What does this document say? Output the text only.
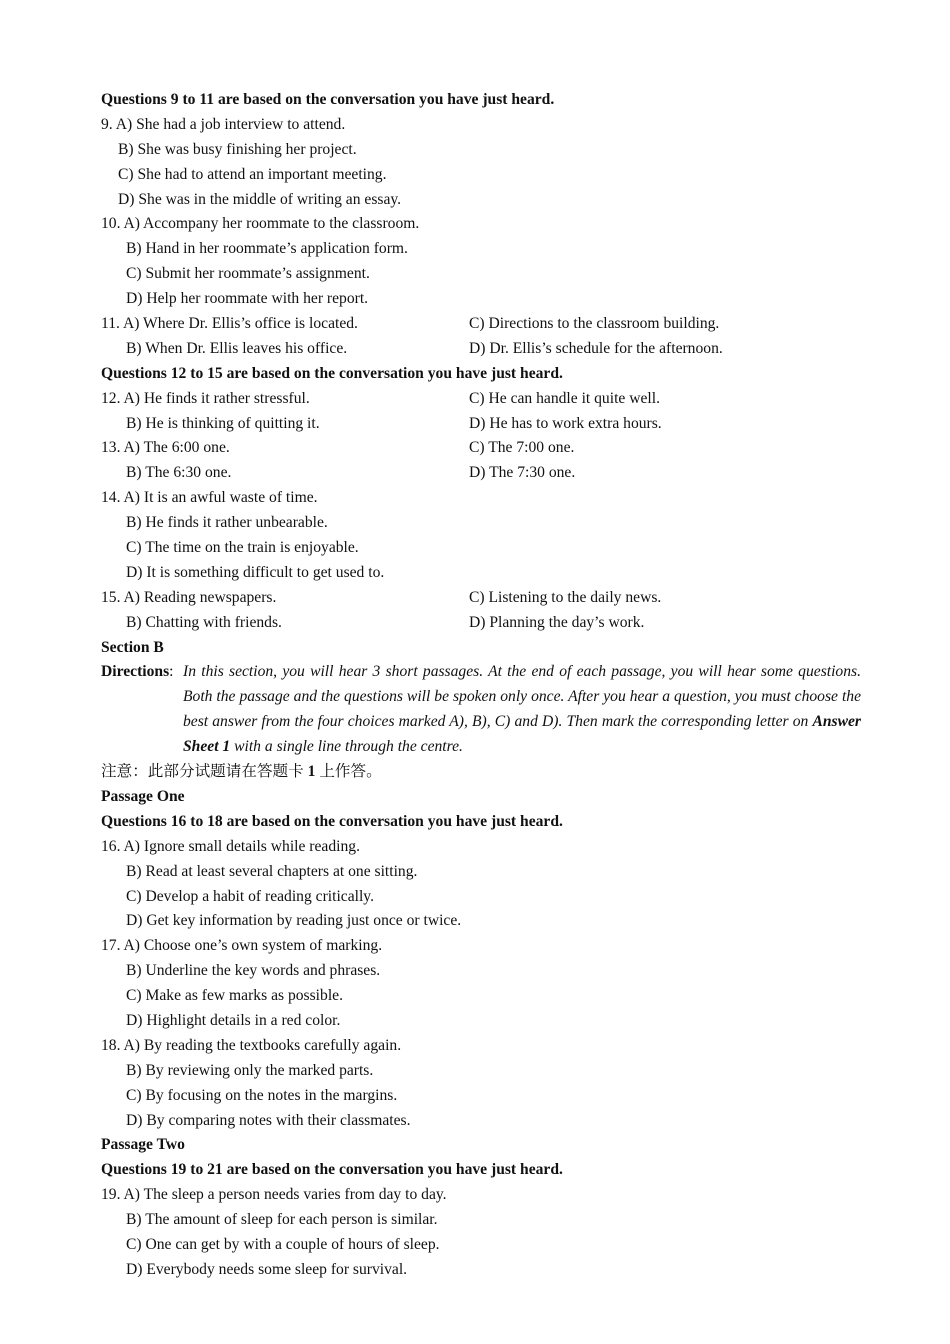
Questions 9 to 11 are based on the conversation you have just heard.
9. A) She had a job interview to attend.
B) She was busy finishing her project.
C) She had to attend an important meeting.
D) She was in the middle of writing an essay.
10. A) Accompany her roommate to the classroom.
B) Hand in her roommate’s application form.
C) Submit her roommate’s assignment.
D) Help her roommate with her report.
11. A) Where Dr. Ellis’s office is located.	C) Directions to the classroom building.
B) When Dr. Ellis leaves his office.	D) Dr. Ellis’s schedule for the afternoon.
Questions 12 to 15 are based on the conversation you have just heard.
12. A) He finds it rather stressful.	C) He can handle it quite well.
B) He is thinking of quitting it.	D) He has to work extra hours.
13. A) The 6:00 one.	C) The 7:00 one.
B) The 6:30 one.	D) The 7:30 one.
14. A) It is an awful waste of time.
B) He finds it rather unbearable.
C) The time on the train is enjoyable.
D) It is something difficult to get used to.
15. A) Reading newspapers.	C) Listening to the daily news.
B) Chatting with friends.	D) Planning the day’s work.
Section B
Directions: In this section, you will hear 3 short passages. At the end of each passage, you will hear some questions. Both the passage and the questions will be spoken only once. After you hear a question, you must choose the best answer from the four choices marked A), B), C) and D). Then mark the corresponding letter on Answer Sheet 1 with a single line through the centre.
注意：此部分试题请在答题卡 1 上作答。
Passage One
Questions 16 to 18 are based on the conversation you have just heard.
16. A) Ignore small details while reading.
B) Read at least several chapters at one sitting.
C) Develop a habit of reading critically.
D) Get key information by reading just once or twice.
17. A) Choose one’s own system of marking.
B) Underline the key words and phrases.
C) Make as few marks as possible.
D) Highlight details in a red color.
18. A) By reading the textbooks carefully again.
B) By reviewing only the marked parts.
C) By focusing on the notes in the margins.
D) By comparing notes with their classmates.
Passage Two
Questions 19 to 21 are based on the conversation you have just heard.
19. A) The sleep a person needs varies from day to day.
B) The amount of sleep for each person is similar.
C) One can get by with a couple of hours of sleep.
D) Everybody needs some sleep for survival.
